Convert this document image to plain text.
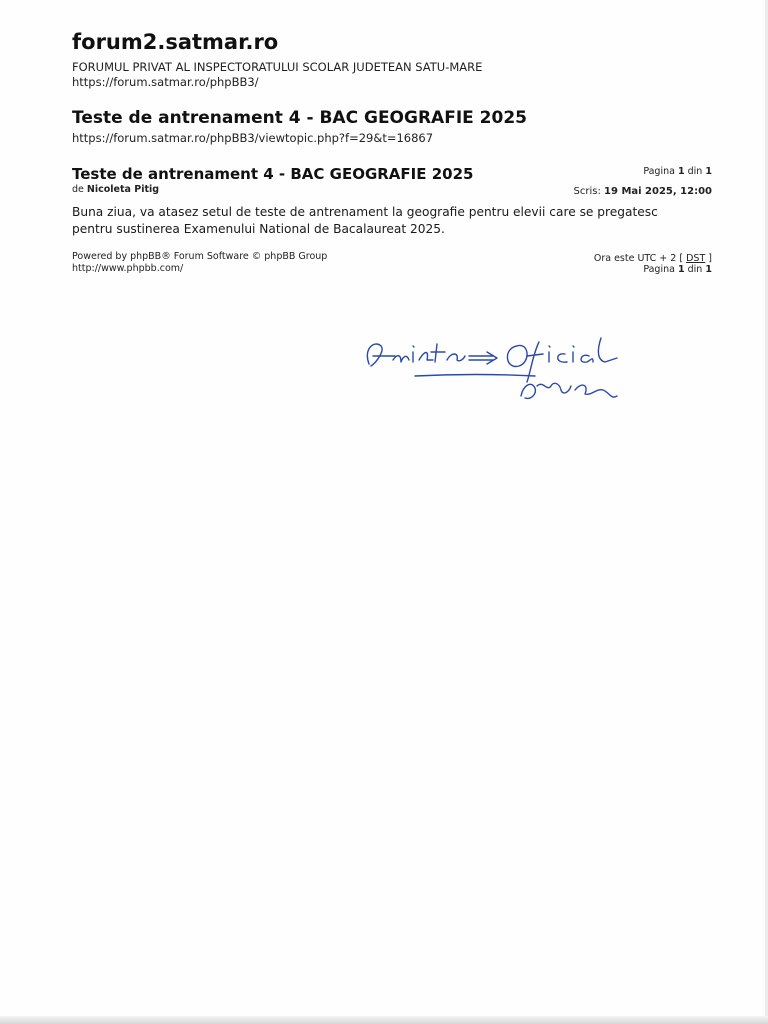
forum2.satmar.ro
FORUMUL PRIVAT AL INSPECTORATULUI SCOLAR JUDETEAN SATU-MARE
https://forum.satmar.ro/phpBB3/
Teste de antrenament 4 - BAC GEOGRAFIE 2025
https://forum.satmar.ro/phpBB3/viewtopic.php?f=29&t=16867
Teste de antrenament 4 - BAC GEOGRAFIE 2025
de Nicoleta Pitig
Pagina 1 din 1
Scris: 19 Mai 2025, 12:00
Buna ziua, va atasez setul de teste de antrenament la geografie pentru elevii care se pregatesc
pentru sustinerea Examenului National de Bacalaureat 2025.
Powered by phpBB® Forum Software © phpBB Group
http://www.phpbb.com/
Ora este UTC + 2 [ DST ]
Pagina 1 din 1
